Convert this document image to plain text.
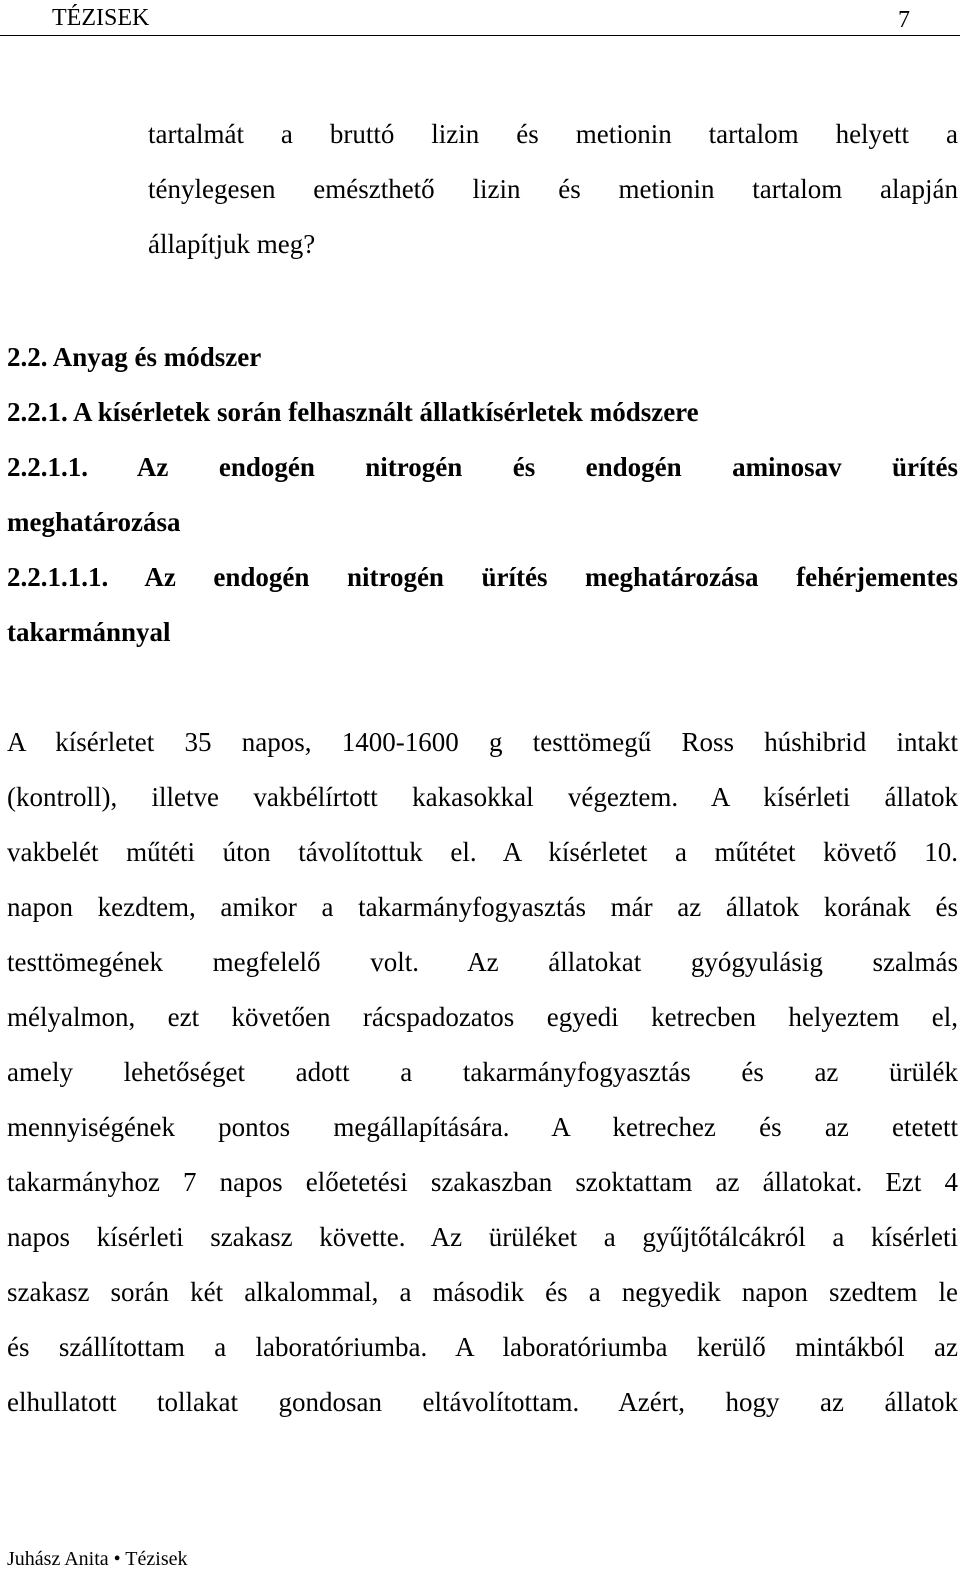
TÉZISEK	7
tartalmát a bruttó lizin és metionin tartalom helyett a
ténylegesen emészthető lizin és metionin tartalom alapján
állapítjuk meg?
2.2. Anyag és módszer
2.2.1. A kísérletek során felhasznált állatkísérletek módszere
2.2.1.1. Az endogén nitrogén és endogén aminosav ürítés
meghatározása
2.2.1.1.1. Az endogén nitrogén ürítés meghatározása fehérjementes
takarmánnyal
A kísérletet 35 napos, 1400-1600 g testtömegű Ross húshibrid intakt
(kontroll), illetve vakbélírtott kakasokkal végeztem. A kísérleti állatok
vakbelét műtéti úton távolítottuk el. A kísérletet a műtétet követő 10.
napon kezdtem, amikor a takarmányfogyasztás már az állatok korának és
testtömegének megfelelő volt. Az állatokat gyógyulásig szalmás
mélyalmon, ezt követően rácspadozatos egyedi ketrecben helyeztem el,
amely lehetőséget adott a takarmányfogyasztás és az ürülék
mennyiségének pontos megállapítására. A ketrechez és az etetett
takarmányhoz 7 napos előetetési szakaszban szoktattam az állatokat. Ezt 4
napos kísérleti szakasz követte. Az ürüléket a gyűjtőtálcákról a kísérleti
szakasz során két alkalommal, a második és a negyedik napon szedtem le
és szállítottam a laboratóriumba. A laboratóriumba kerülő mintákból az
elhullatott tollakat gondosan eltávolítottam. Azért, hogy az állatok
Juhász Anita • Tézisek
